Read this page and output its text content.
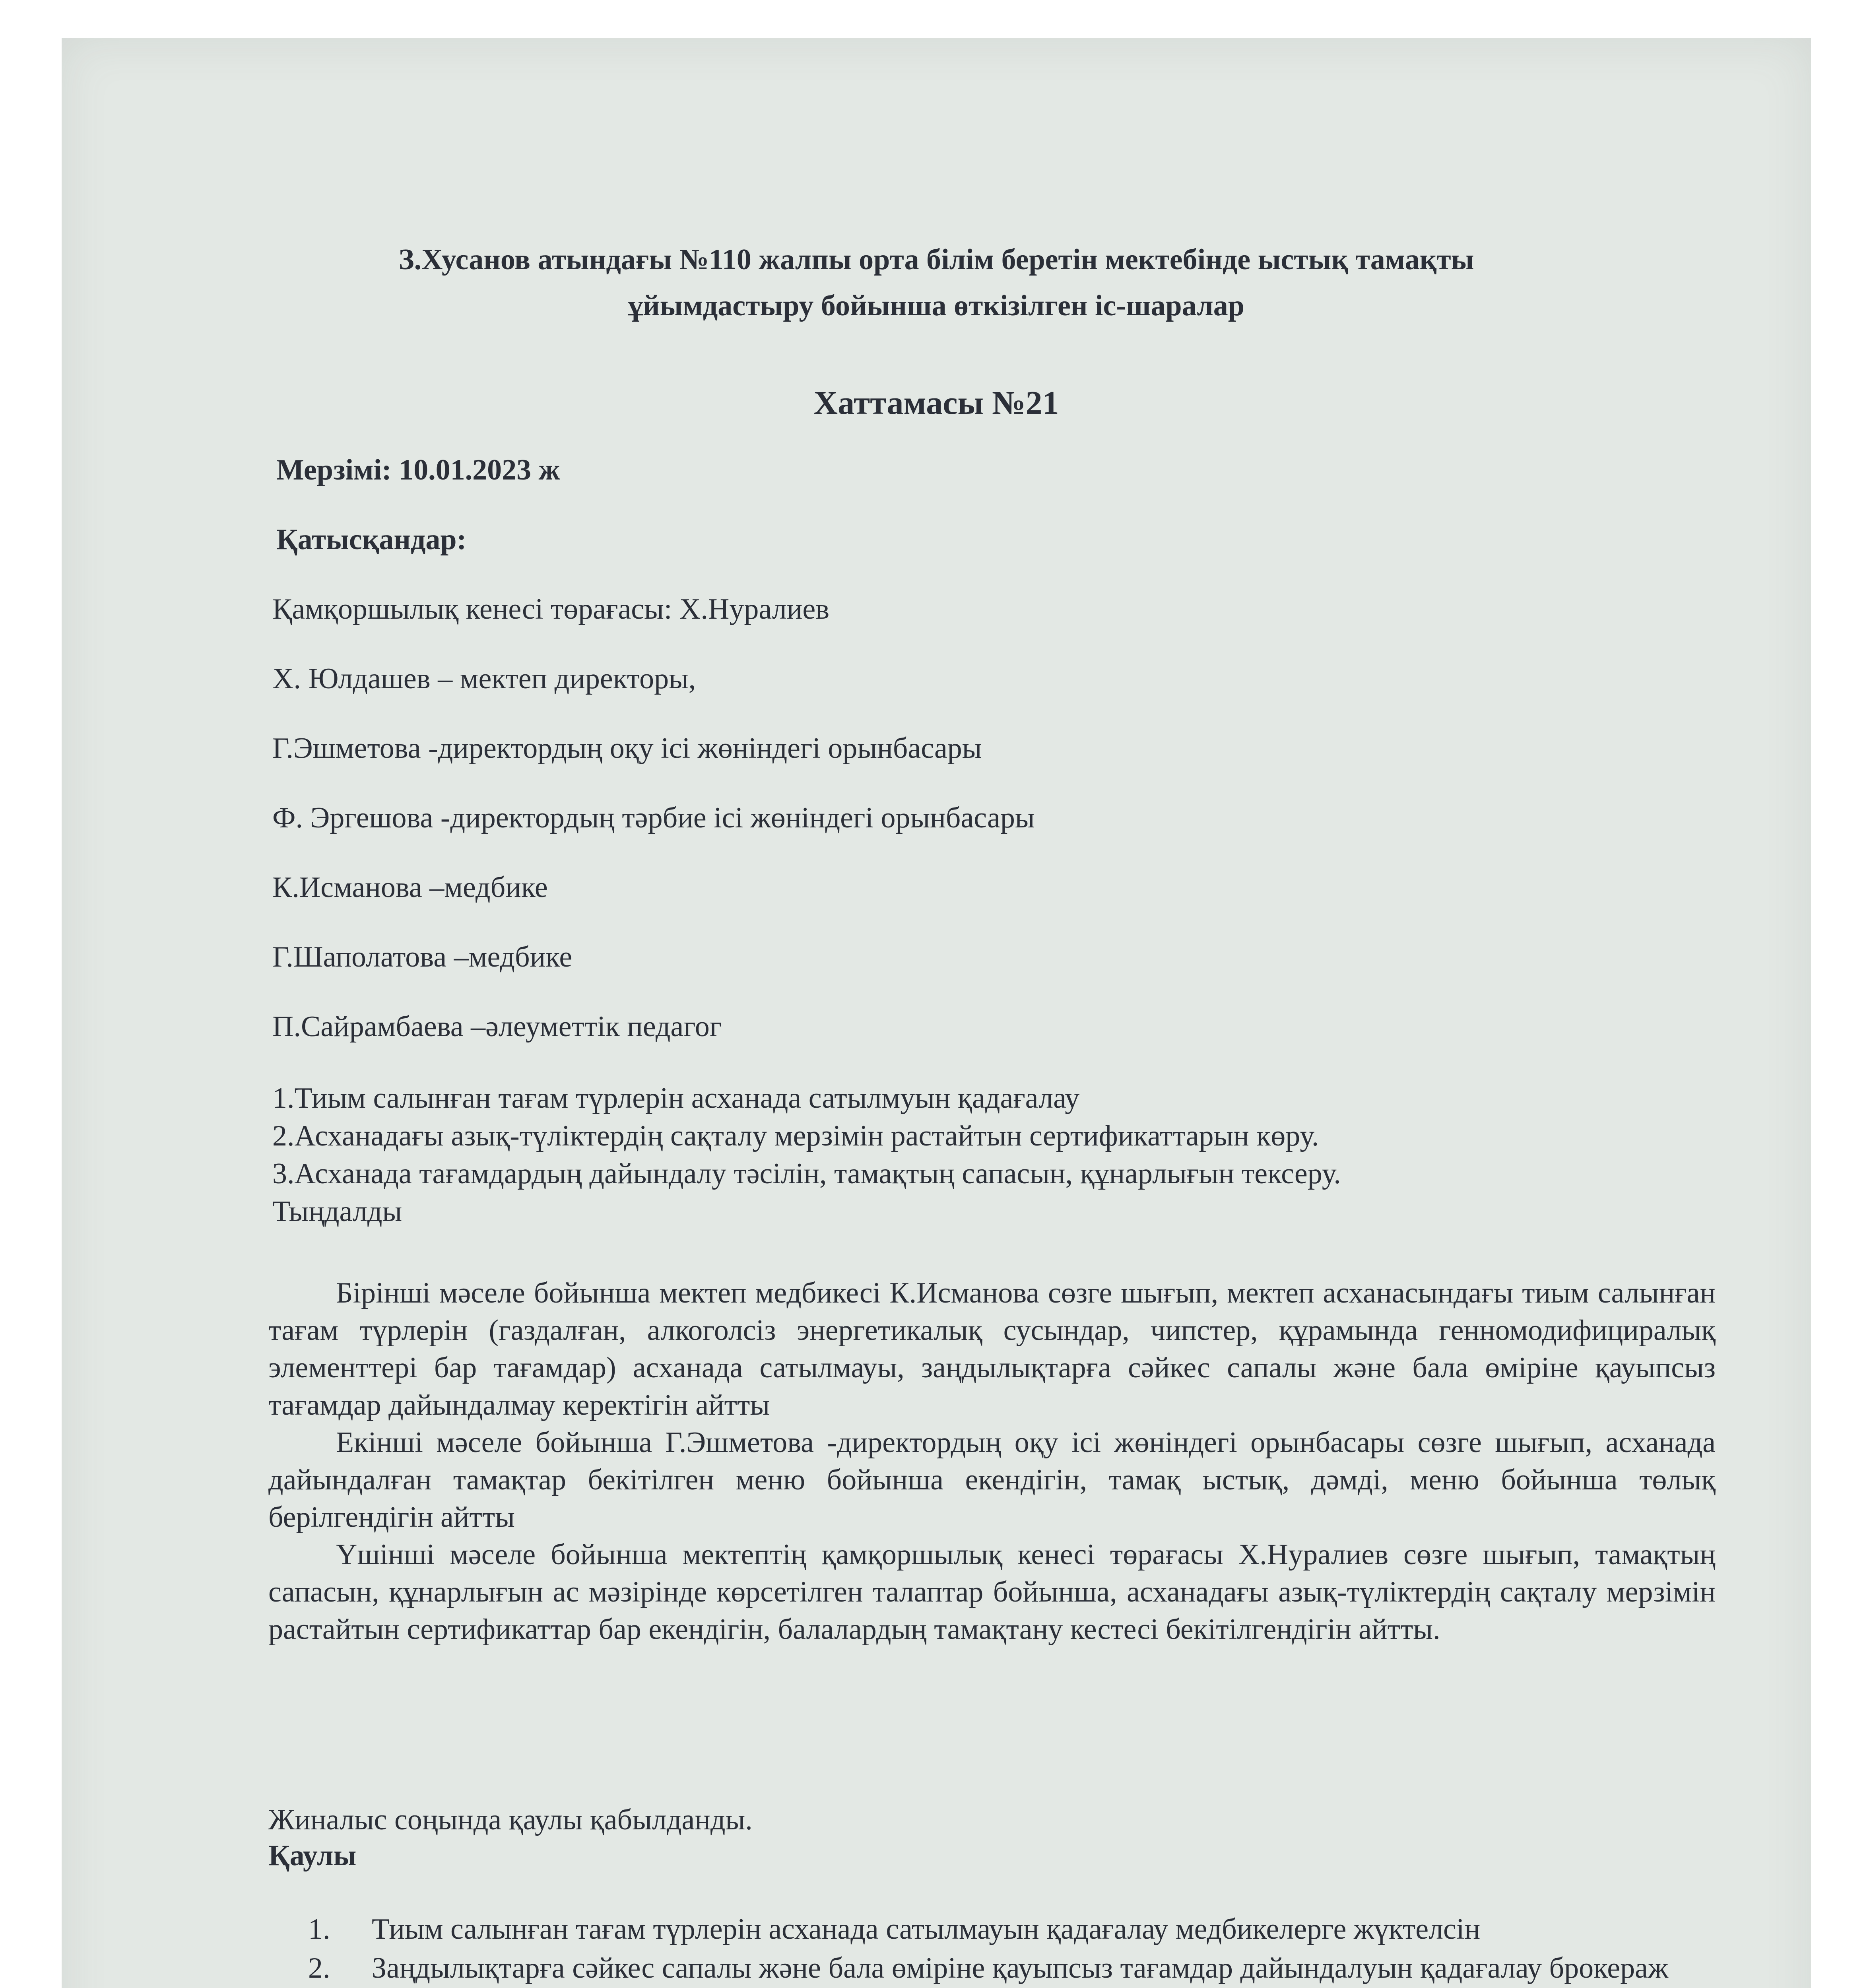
З.Хусанов атындағы №110 жалпы орта білім беретін мектебінде ыстық тамақты
ұйымдастыру бойынша өткізілген іс-шаралар
Хаттамасы №21
Мерзімі: 10.01.2023 ж
Қатысқандар:
Қамқоршылық кенесі төрағасы: Х.Нуралиев
Х. Юлдашев – мектеп директоры,
Г.Эшметова -директордың оқу ісі жөніндегі орынбасары
Ф. Эргешова -директордың тәрбие ісі жөніндегі орынбасары
К.Исманова –медбике
Г.Шаполатова –медбике
П.Сайрамбаева –әлеуметтік педагог
1.Тиым салынған тағам түрлерін асханада сатылмуын қадағалау
2.Асханадағы азық-түліктердің сақталу мерзімін растайтын сертификаттарын көру.
3.Асханада тағамдардың дайындалу тәсілін, тамақтың сапасын, құнарлығын тексеру.
Тыңдалды

Бірінші мәселе бойынша мектеп медбикесі К.Исманова сөзге шығып, мектеп асханасындағы тиым салынған тағам түрлерін (газдалған, алкоголсіз энергетикалық сусындар, чипстер, құрамында генномодифициралық элементтері бар тағамдар) асханада сатылмауы, заңдылықтарға сәйкес сапалы және бала өміріне қауыпсыз тағамдар дайындалмау керектігін айтты

Екінші мәселе бойынша Г.Эшметова -директордың оқу ісі жөніндегі орынбасары сөзге шығып, асханада дайындалған тамақтар бекітілген меню бойынша екендігін, тамақ ыстық, дәмді, меню бойынша төлық берілгендігін айтты

Үшінші мәселе бойынша мектептің қамқоршылық кенесі төрағасы Х.Нуралиев сөзге шығып, тамақтың сапасын, құнарлығын ас мәзірінде көрсетілген талаптар бойынша, асханадағы азық-түліктердің сақталу мерзімін растайтын сертификаттар бар екендігін, балалардың тамақтану кестесі бекітілгендігін айтты.

Жиналыс соңында қаулы қабылданды.
Қаулы
1. Тиым салынған тағам түрлерін асханада сатылмауын қадағалау медбикелерге жүктелсін
2. Заңдылықтарға сәйкес сапалы және бала өміріне қауыпсыз тағамдар дайындалуын қадағалау брокераж
